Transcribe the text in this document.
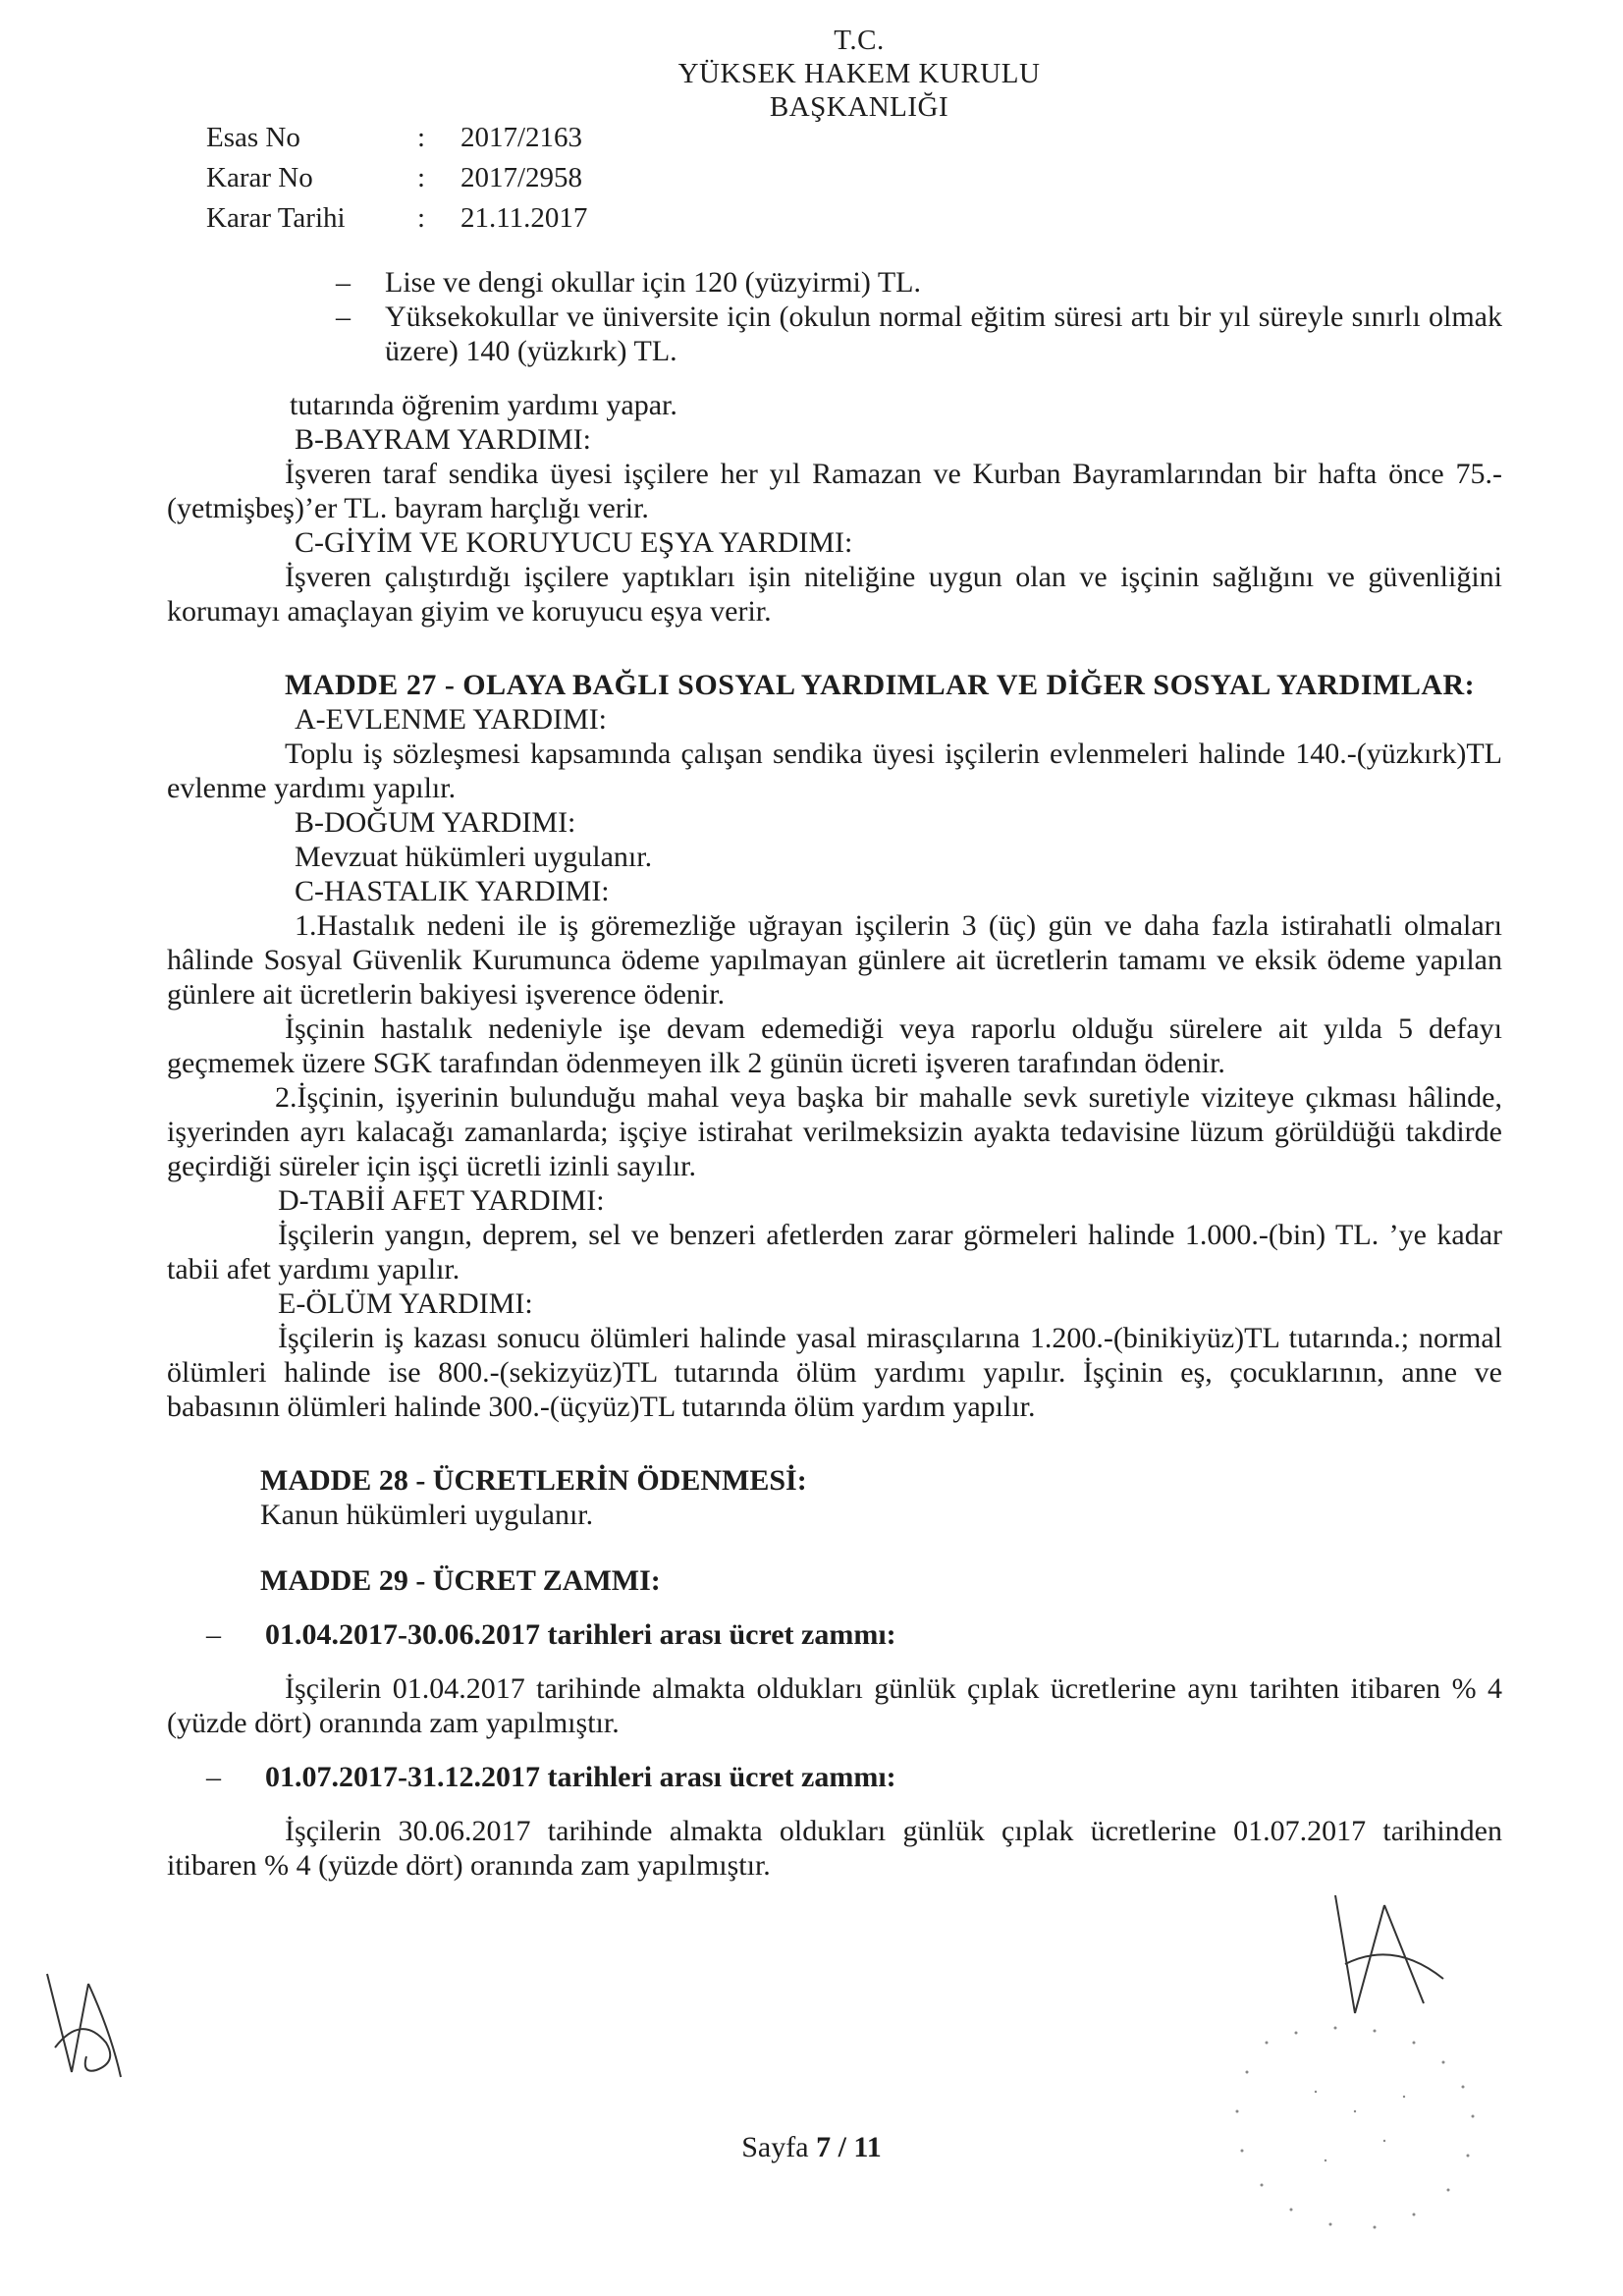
T.C.
YÜKSEK HAKEM KURULU
BAŞKANLIĞI
Esas No	:	2017/2163
Karar No	:	2017/2958
Karar Tarihi	:	21.11.2017
–	Lise ve dengi okullar için 120 (yüzyirmi) TL.
–	Yüksekokullar ve üniversite için (okulun normal eğitim süresi artı bir yıl süreyle sınırlı olmak üzere) 140 (yüzkırk) TL.

tutarında öğrenim yardımı yapar.

B-BAYRAM YARDIMI:

İşveren taraf sendika üyesi işçilere her yıl Ramazan ve Kurban Bayramlarından bir hafta önce 75.-(yetmişbeş)’er TL. bayram harçlığı verir.

C-GİYİM VE KORUYUCU EŞYA YARDIMI:

İşveren çalıştırdığı işçilere yaptıkları işin niteliğine uygun olan ve işçinin sağlığını ve güvenliğini korumayı amaçlayan giyim ve koruyucu eşya verir.

MADDE 27 - OLAYA BAĞLI SOSYAL YARDIMLAR VE DİĞER SOSYAL YARDIMLAR:

A-EVLENME YARDIMI:

Toplu iş sözleşmesi kapsamında çalışan sendika üyesi işçilerin evlenmeleri halinde 140.-(yüzkırk)TL evlenme yardımı yapılır.

B-DOĞUM YARDIMI:

Mevzuat hükümleri uygulanır.

C-HASTALIK YARDIMI:

1.Hastalık nedeni ile iş göremezliğe uğrayan işçilerin 3 (üç) gün ve daha fazla istirahatli olmaları hâlinde Sosyal Güvenlik Kurumunca ödeme yapılmayan günlere ait ücretlerin tamamı ve eksik ödeme yapılan günlere ait ücretlerin bakiyesi işverence ödenir.

İşçinin hastalık nedeniyle işe devam edemediği veya raporlu olduğu sürelere ait yılda 5 defayı geçmemek üzere SGK tarafından ödenmeyen ilk 2 günün ücreti işveren tarafından ödenir.

2.İşçinin, işyerinin bulunduğu mahal veya başka bir mahalle sevk suretiyle viziteye çıkması hâlinde, işyerinden ayrı kalacağı zamanlarda; işçiye istirahat verilmeksizin ayakta tedavisine lüzum görüldüğü takdirde geçirdiği süreler için işçi ücretli izinli sayılır.

D-TABİİ AFET YARDIMI:

İşçilerin yangın, deprem, sel ve benzeri afetlerden zarar görmeleri halinde 1.000.-(bin) TL. ’ye kadar tabii afet yardımı yapılır.

E-ÖLÜM YARDIMI:

İşçilerin iş kazası sonucu ölümleri halinde yasal mirasçılarına 1.200.-(binikiyüz)TL tutarında.; normal ölümleri halinde ise 800.-(sekizyüz)TL tutarında ölüm yardımı yapılır. İşçinin eş, çocuklarının, anne ve babasının ölümleri halinde 300.-(üçyüz)TL tutarında ölüm yardım yapılır.

MADDE 28 - ÜCRETLERİN ÖDENMESİ:

Kanun hükümleri uygulanır.

MADDE 29 - ÜCRET ZAMMI:

–	01.04.2017-30.06.2017 tarihleri arası ücret zammı:

İşçilerin 01.04.2017 tarihinde almakta oldukları günlük çıplak ücretlerine aynı tarihten itibaren % 4 (yüzde dört) oranında zam yapılmıştır.

–	01.07.2017-31.12.2017 tarihleri arası ücret zammı:

İşçilerin 30.06.2017 tarihinde almakta oldukları günlük çıplak ücretlerine 01.07.2017 tarihinden itibaren % 4 (yüzde dört) oranında zam yapılmıştır.

Sayfa 7 / 11
